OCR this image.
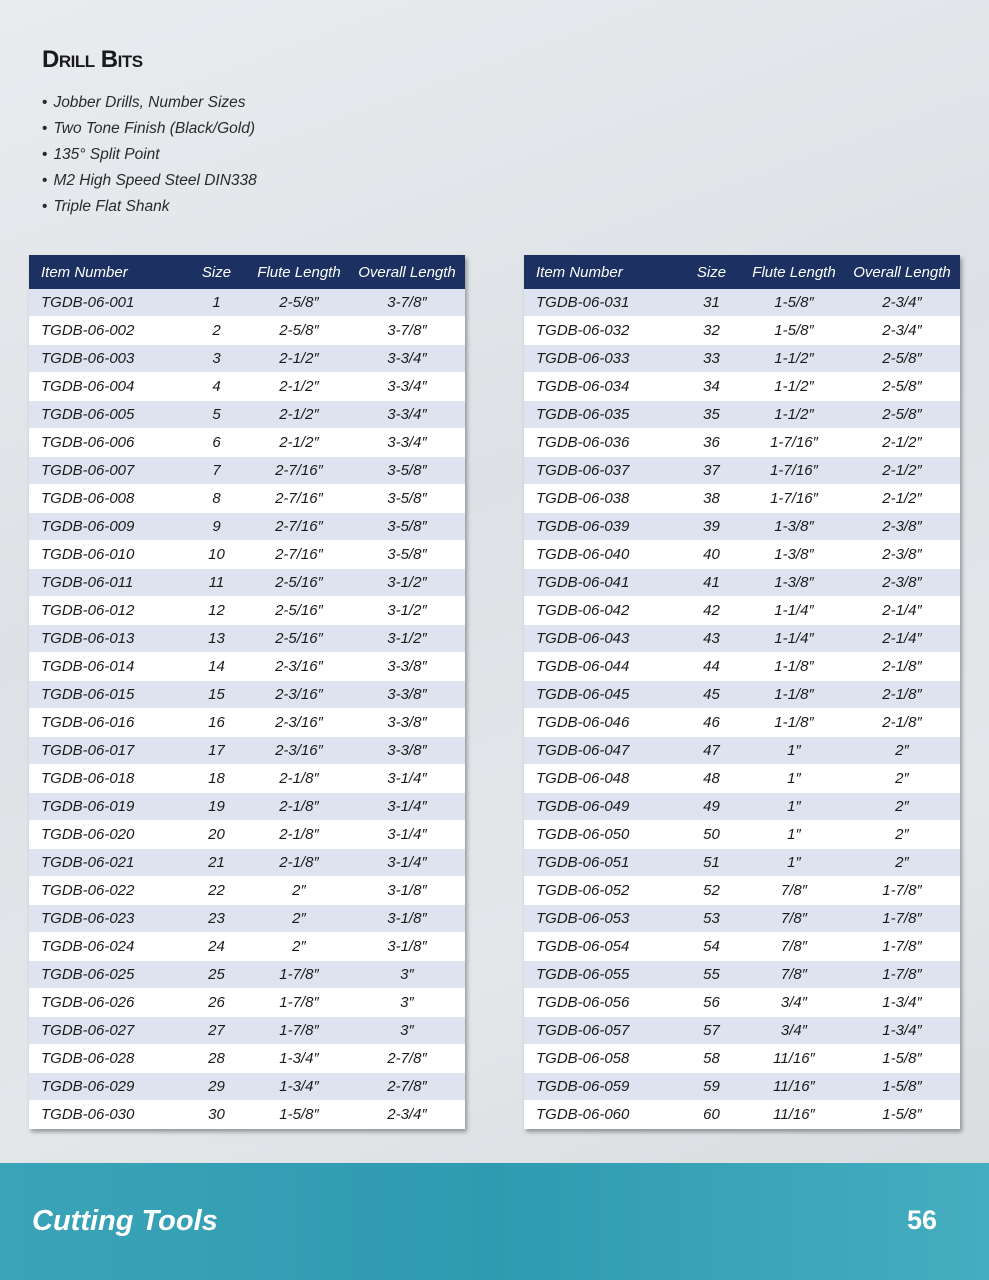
Drill Bits
• Jobber Drills, Number Sizes
• Two Tone Finish (Black/Gold)
• 135° Split Point
• M2 High Speed Steel DIN338
• Triple Flat Shank
Item Number	Size	Flute Length	Overall Length
TGDB-06-001	1	2-5/8″	3-7/8″
TGDB-06-002	2	2-5/8″	3-7/8″
TGDB-06-003	3	2-1/2″	3-3/4″
TGDB-06-004	4	2-1/2″	3-3/4″
TGDB-06-005	5	2-1/2″	3-3/4″
TGDB-06-006	6	2-1/2″	3-3/4″
TGDB-06-007	7	2-7/16″	3-5/8″
TGDB-06-008	8	2-7/16″	3-5/8″
TGDB-06-009	9	2-7/16″	3-5/8″
TGDB-06-010	10	2-7/16″	3-5/8″
TGDB-06-011	11	2-5/16″	3-1/2″
TGDB-06-012	12	2-5/16″	3-1/2″
TGDB-06-013	13	2-5/16″	3-1/2″
TGDB-06-014	14	2-3/16″	3-3/8″
TGDB-06-015	15	2-3/16″	3-3/8″
TGDB-06-016	16	2-3/16″	3-3/8″
TGDB-06-017	17	2-3/16″	3-3/8″
TGDB-06-018	18	2-1/8″	3-1/4″
TGDB-06-019	19	2-1/8″	3-1/4″
TGDB-06-020	20	2-1/8″	3-1/4″
TGDB-06-021	21	2-1/8″	3-1/4″
TGDB-06-022	22	2″	3-1/8″
TGDB-06-023	23	2″	3-1/8″
TGDB-06-024	24	2″	3-1/8″
TGDB-06-025	25	1-7/8″	3″
TGDB-06-026	26	1-7/8″	3″
TGDB-06-027	27	1-7/8″	3″
TGDB-06-028	28	1-3/4″	2-7/8″
TGDB-06-029	29	1-3/4″	2-7/8″
TGDB-06-030	30	1-5/8″	2-3/4″
Item Number	Size	Flute Length	Overall Length
TGDB-06-031	31	1-5/8″	2-3/4″
TGDB-06-032	32	1-5/8″	2-3/4″
TGDB-06-033	33	1-1/2″	2-5/8″
TGDB-06-034	34	1-1/2″	2-5/8″
TGDB-06-035	35	1-1/2″	2-5/8″
TGDB-06-036	36	1-7/16″	2-1/2″
TGDB-06-037	37	1-7/16″	2-1/2″
TGDB-06-038	38	1-7/16″	2-1/2″
TGDB-06-039	39	1-3/8″	2-3/8″
TGDB-06-040	40	1-3/8″	2-3/8″
TGDB-06-041	41	1-3/8″	2-3/8″
TGDB-06-042	42	1-1/4″	2-1/4″
TGDB-06-043	43	1-1/4″	2-1/4″
TGDB-06-044	44	1-1/8″	2-1/8″
TGDB-06-045	45	1-1/8″	2-1/8″
TGDB-06-046	46	1-1/8″	2-1/8″
TGDB-06-047	47	1″	2″
TGDB-06-048	48	1″	2″
TGDB-06-049	49	1″	2″
TGDB-06-050	50	1″	2″
TGDB-06-051	51	1″	2″
TGDB-06-052	52	7/8″	1-7/8″
TGDB-06-053	53	7/8″	1-7/8″
TGDB-06-054	54	7/8″	1-7/8″
TGDB-06-055	55	7/8″	1-7/8″
TGDB-06-056	56	3/4″	1-3/4″
TGDB-06-057	57	3/4″	1-3/4″
TGDB-06-058	58	11/16″	1-5/8″
TGDB-06-059	59	11/16″	1-5/8″
TGDB-06-060	60	11/16″	1-5/8″
Cutting Tools	56
